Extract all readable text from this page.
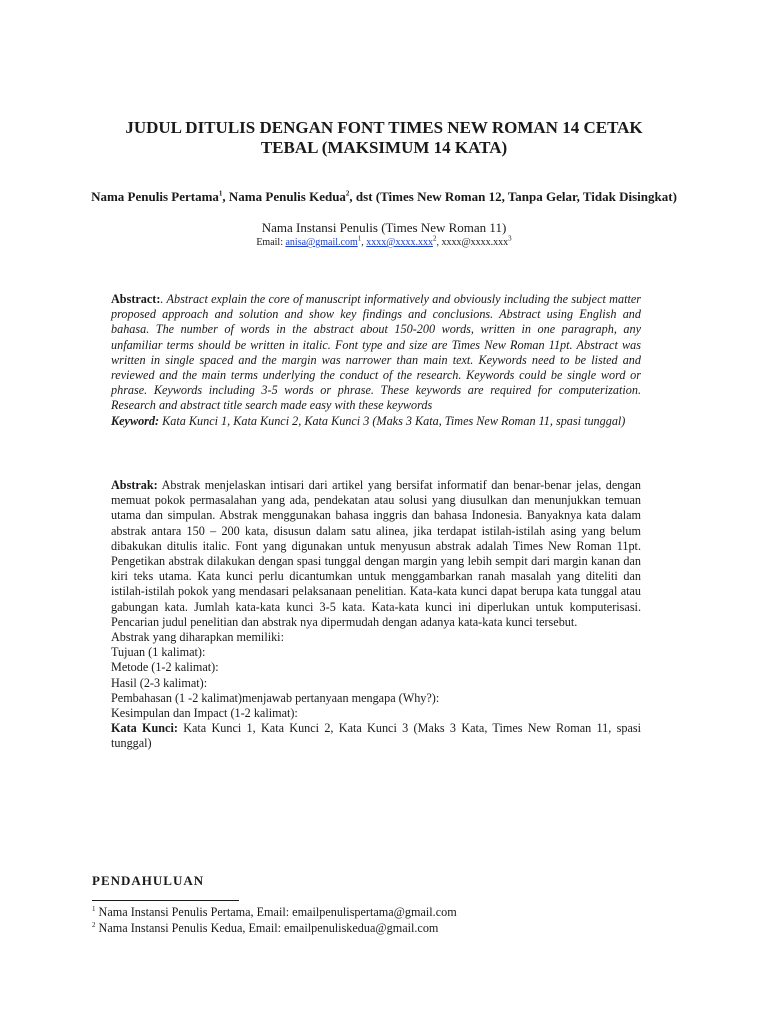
JUDUL DITULIS DENGAN FONT TIMES NEW ROMAN 14 CETAK
TEBAL (MAKSIMUM 14 KATA)
Nama Penulis Pertama$^1$, Nama Penulis Kedua$^2$, dst (Times New Roman 12, Tanpa Gelar, Tidak Disingkat)
Nama Instansi Penulis (Times New Roman 11)
Email: anisa@gmail.com$^1$, xxxx@xxxx.xxx$^2$, xxxx@xxxx.xxx$^3$
Abstract:. Abstract explain the core of manuscript informatively and obviously including the subject matter proposed approach and solution and show key findings and conclusions. Abstract using English and bahasa. The number of words in the abstract about 150-200 words, written in one paragraph, any unfamiliar terms should be written in italic. Font type and size are Times New Roman 11pt. Abstract was written in single spaced and the margin was narrower than main text. Keywords need to be listed and reviewed and the main terms underlying the conduct of the research. Keywords could be single word or phrase. Keywords including 3-5 words or phrase. These keywords are required for computerization. Research and abstract title search made easy with these keywords
Keyword: Kata Kunci 1, Kata Kunci 2, Kata Kunci 3 (Maks 3 Kata, Times New Roman 11, spasi tunggal)
Abstrak: Abstrak menjelaskan intisari dari artikel yang bersifat informatif dan benar-benar jelas, dengan memuat pokok permasalahan yang ada, pendekatan atau solusi yang diusulkan dan menunjukkan temuan utama dan simpulan. Abstrak menggunakan bahasa inggris dan bahasa Indonesia. Banyaknya kata dalam abstrak antara 150 – 200 kata, disusun dalam satu alinea, jika terdapat istilah-istilah asing yang belum dibakukan ditulis italic. Font yang digunakan untuk menyusun abstrak adalah Times New Roman 11pt. Pengetikan abstrak dilakukan dengan spasi tunggal dengan margin yang lebih sempit dari margin kanan dan kiri teks utama. Kata kunci perlu dicantumkan untuk menggambarkan ranah masalah yang diteliti dan istilah-istilah pokok yang mendasari pelaksanaan penelitian. Kata-kata kunci dapat berupa kata tunggal atau gabungan kata. Jumlah kata-kata kunci 3-5 kata. Kata-kata kunci ini diperlukan untuk komputerisasi. Pencarian judul penelitian dan abstrak nya dipermudah dengan adanya kata-kata kunci tersebut.
Abstrak yang diharapkan memiliki:
Tujuan (1 kalimat):
Metode (1-2 kalimat):
Hasil (2-3 kalimat):
Pembahasan (1 -2 kalimat)menjawab pertanyaan mengapa (Why?):
Kesimpulan dan Impact (1-2 kalimat):
Kata Kunci: Kata Kunci 1, Kata Kunci 2, Kata Kunci 3 (Maks 3 Kata, Times New Roman 11, spasi tunggal)
PENDAHULUAN
$^1$ Nama Instansi Penulis Pertama, Email: emailpenulispertama@gmail.com
$^2$ Nama Instansi Penulis Kedua, Email: emailpenuliskedua@gmail.com
